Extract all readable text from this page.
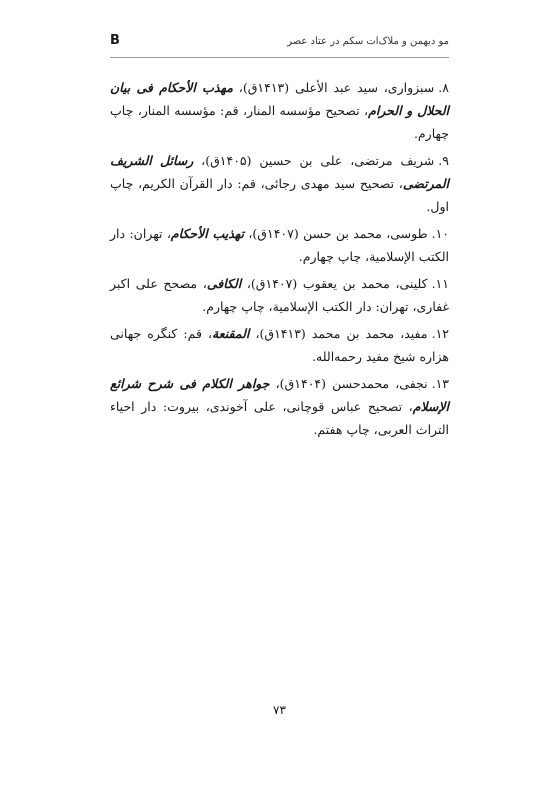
مو دیهمن و ملاک‌ات سکم در عتاد عصر
B
۸.سبزواری، سید عبد الأعلی (۱۴۱۳ق)، مهذب الأحکام فی بیان الحلال و الحرام، تصحیح مؤسسه المنار، قم: مؤسسه المنار، چاپ چهارم.
۹.شریف مرتضی، علی بن حسین (۱۴۰۵ق)، رسائل الشریف المرتضی، تصحیح سید مهدی رجائی، قم: دار القرآن الکریم، چاپ اول.
۱۰.طوسی، محمد بن حسن (۱۴۰۷ق)، تهذیب الأحکام، تهران: دار الکتب الإسلامیة، چاپ چهارم.
۱۱.کلینی، محمد بن یعقوب (۱۴۰۷ق)، الکافی، مصحح علی اکبر غفاری، تهران: دار الکتب الإسلامیة، چاپ چهارم.
۱۲.مفید، محمد بن محمد (۱۴۱۳ق)، المقنعة، قم: کنگره جهانی هزاره شیخ مفید رحمه‌الله.
۱۳.نجفی، محمدحسن (۱۴۰۴ق)، جواهر الکلام فی شرح شرائع الإسلام، تصحیح عباس قوچانی، علی آخوندی، بیروت: دار احیاء التراث العربی، چاپ هفتم.
۷۳
